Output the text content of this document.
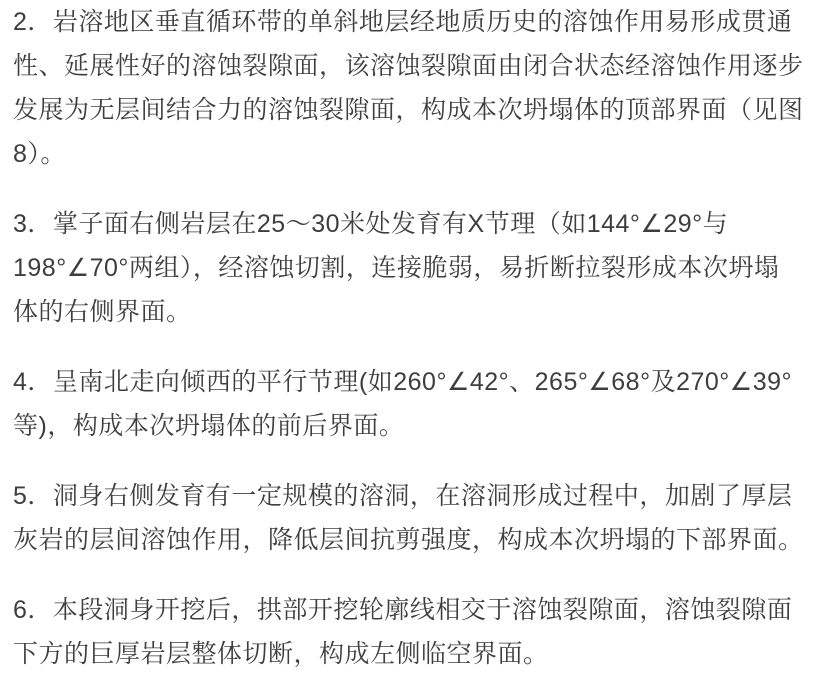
2．岩溶地区垂直循环带的单斜地层经地质历史的溶蚀作用易形成贯通
性、延展性好的溶蚀裂隙面，该溶蚀裂隙面由闭合状态经溶蚀作用逐步
发展为无层间结合力的溶蚀裂隙面，构成本次坍塌体的顶部界面（见图
8）。

3．掌子面右侧岩层在25～30米处发育有X节理（如144°∠29°与
198°∠70°两组），经溶蚀切割，连接脆弱，易折断拉裂形成本次坍塌
体的右侧界面。

4．呈南北走向倾西的平行节理(如260°∠42°、265°∠68°及270°∠39°
等)，构成本次坍塌体的前后界面。

5．洞身右侧发育有一定规模的溶洞，在溶洞形成过程中，加剧了厚层
灰岩的层间溶蚀作用，降低层间抗剪强度，构成本次坍塌的下部界面。

6．本段洞身开挖后，拱部开挖轮廓线相交于溶蚀裂隙面，溶蚀裂隙面
下方的巨厚岩层整体切断，构成左侧临空界面。
